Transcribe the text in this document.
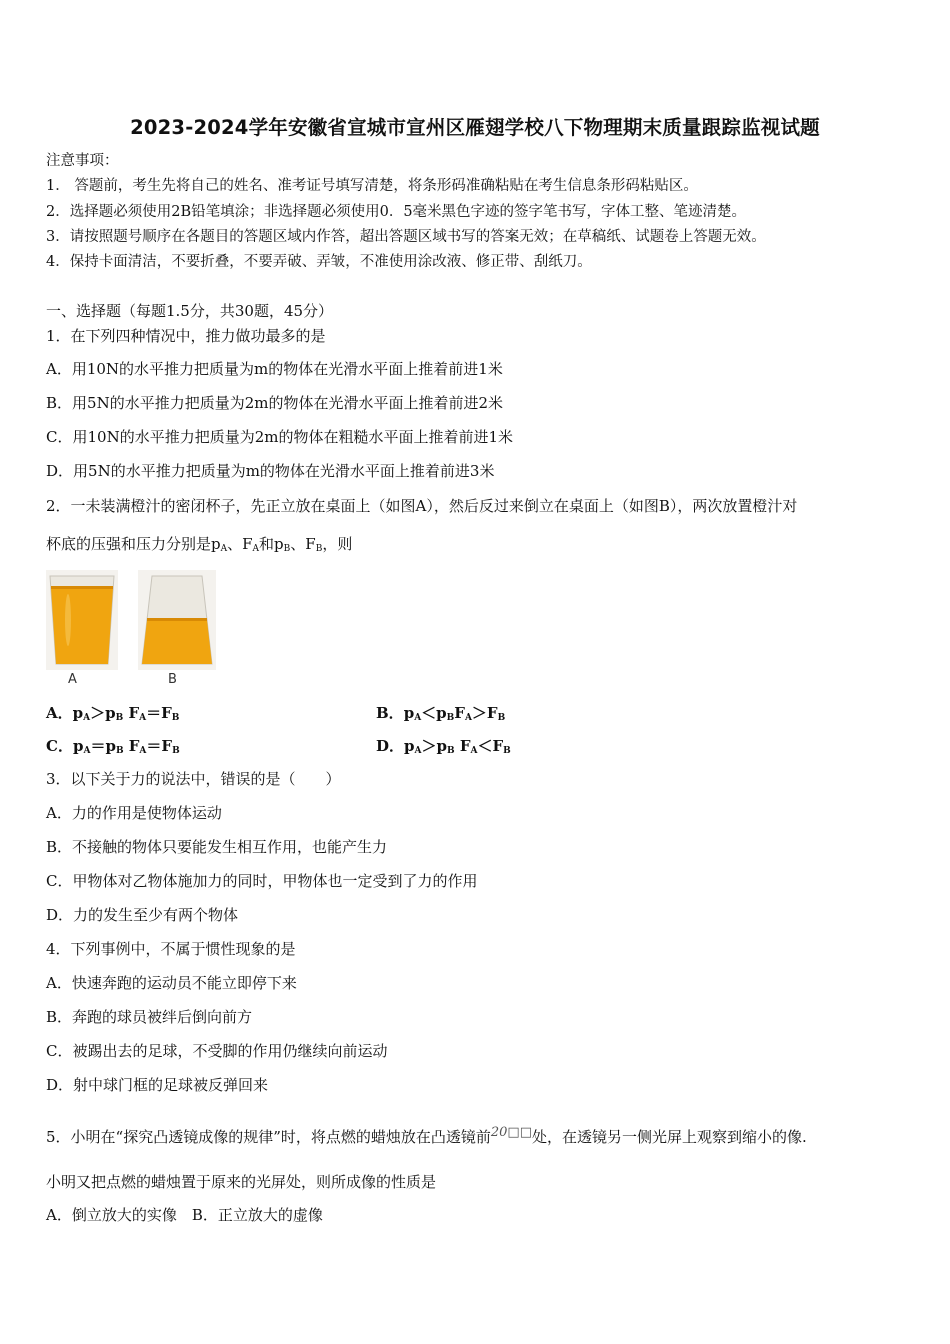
2023-2024学年安徽省宣城市宣州区雁翅学校八下物理期末质量跟踪监视试题
注意事项：
1． 答题前，考生先将自己的姓名、准考证号填写清楚，将条形码准确粘贴在考生信息条形码粘贴区。
2．选择题必须使用2B铅笔填涂；非选择题必须使用0．5毫米黑色字迹的签字笔书写，字体工整、笔迹清楚。
3．请按照题号顺序在各题目的答题区域内作答，超出答题区域书写的答案无效；在草稿纸、试题卷上答题无效。
4．保持卡面清洁，不要折叠，不要弄破、弄皱，不准使用涂改液、修正带、刮纸刀。
一、选择题（每题1.5分，共30题，45分）
1．在下列四种情况中，推力做功最多的是
A．用10N的水平推力把质量为m的物体在光滑水平面上推着前进1米
B．用5N的水平推力把质量为2m的物体在光滑水平面上推着前进2米
C．用10N的水平推力把质量为2m的物体在粗糙水平面上推着前进1米
D．用5N的水平推力把质量为m的物体在光滑水平面上推着前进3米
2．一未装满橙汁的密闭杯子，先正立放在桌面上（如图A），然后反过来倒立在桌面上（如图B），两次放置橙汁对
杯底的压强和压力分别是$p_A$、$F_A$和$p_B$、$F_B$，则
A	B
A．$p_A>p_B$ $F_A=F_B$	B．$p_A<p_BF_A>F_B$
C．$p_A=p_B$ $F_A=F_B$	D．$p_A>p_B$ $F_A<F_B$
3．以下关于力的说法中，错误的是（　　）
A．力的作用是使物体运动
B．不接触的物体只要能发生相互作用，也能产生力
C．甲物体对乙物体施加力的同时，甲物体也一定受到了力的作用
D．力的发生至少有两个物体
4．下列事例中，不属于惯性现象的是
A．快速奔跑的运动员不能立即停下来
B．奔跑的球员被绊后倒向前方
C．被踢出去的足球，不受脚的作用仍继续向前运动
D．射中球门框的足球被反弹回来
5．小明在“探究凸透镜成像的规律”时，将点燃的蜡烛放在凸透镜前20□□处，在透镜另一侧光屏上观察到缩小的像.
小明又把点燃的蜡烛置于原来的光屏处，则所成像的性质是
A．倒立放大的实像　B．正立放大的虚像
